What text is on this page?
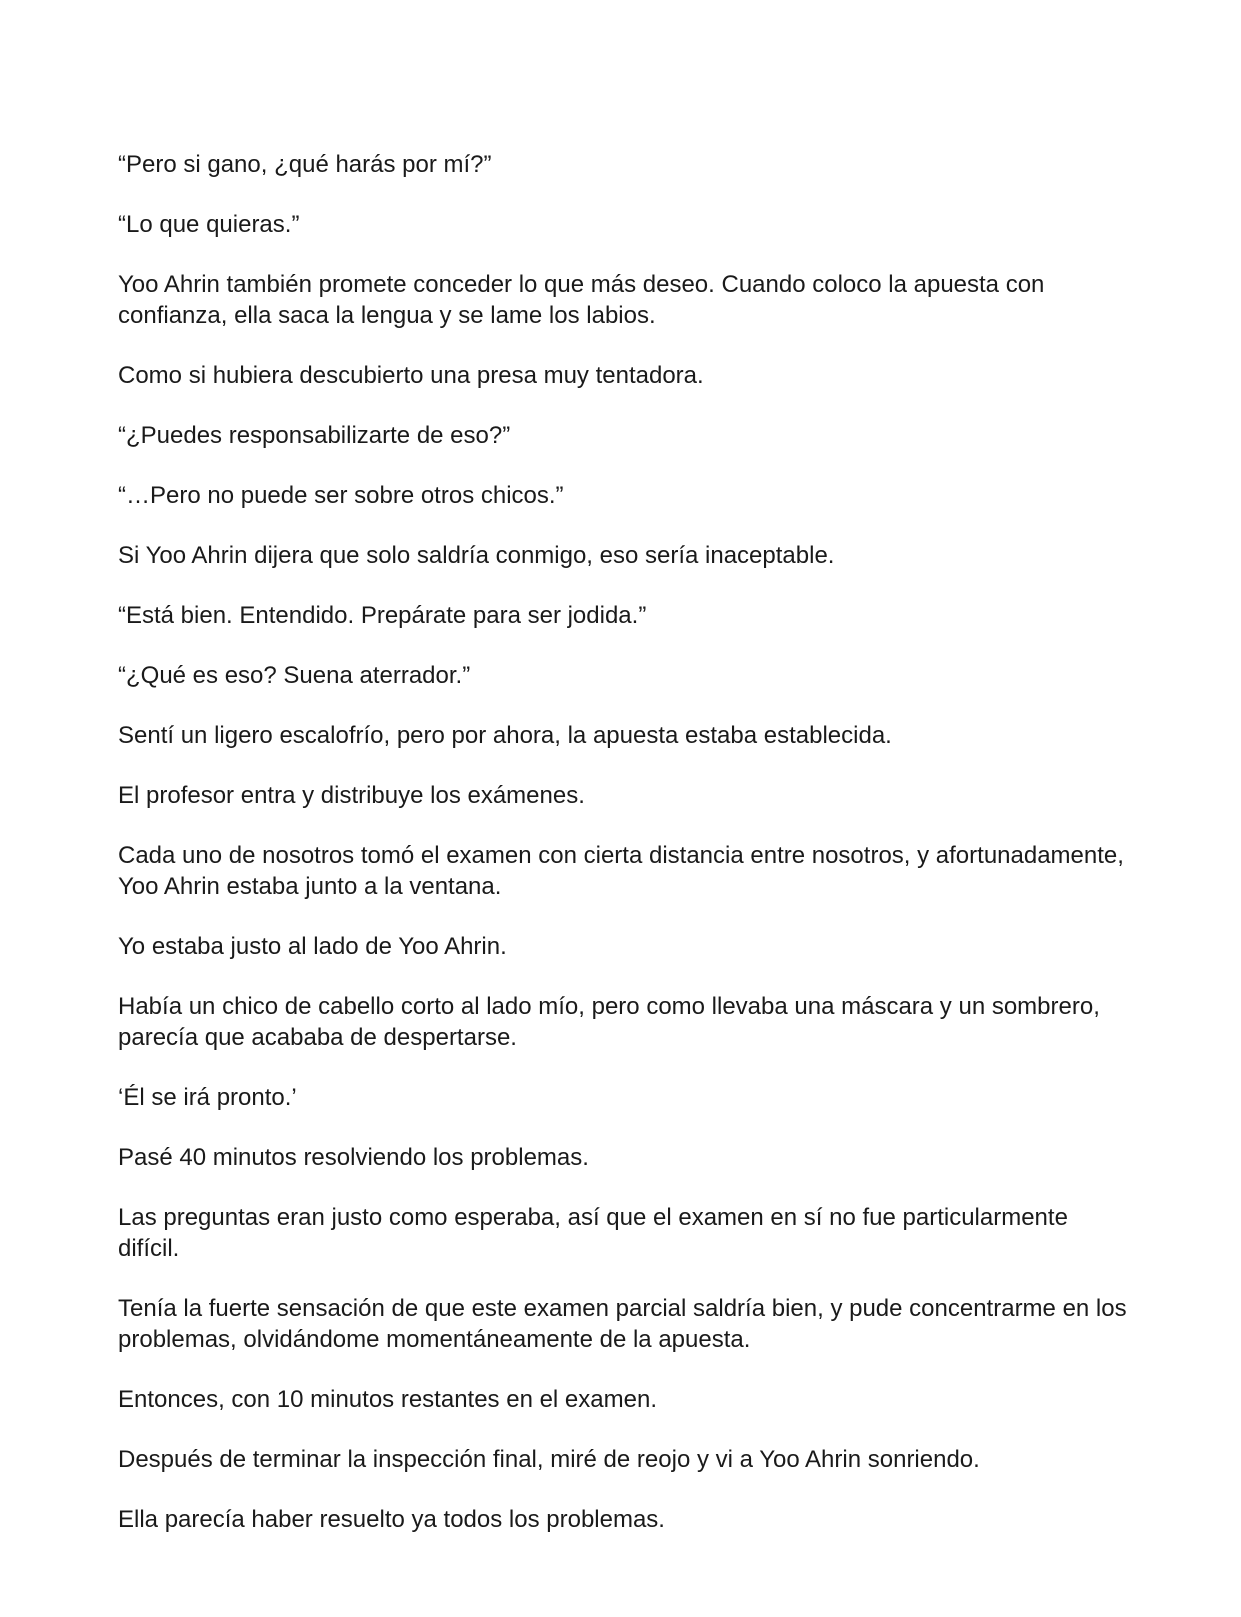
“Pero si gano, ¿qué harás por mí?”

“Lo que quieras.”

Yoo Ahrin también promete conceder lo que más deseo. Cuando coloco la apuesta con confianza, ella saca la lengua y se lame los labios.

Como si hubiera descubierto una presa muy tentadora.

“¿Puedes responsabilizarte de eso?”

“…Pero no puede ser sobre otros chicos.”

Si Yoo Ahrin dijera que solo saldría conmigo, eso sería inaceptable.

“Está bien. Entendido. Prepárate para ser jodida.”

“¿Qué es eso? Suena aterrador.”

Sentí un ligero escalofrío, pero por ahora, la apuesta estaba establecida.

El profesor entra y distribuye los exámenes.

Cada uno de nosotros tomó el examen con cierta distancia entre nosotros, y afortunadamente, Yoo Ahrin estaba junto a la ventana.

Yo estaba justo al lado de Yoo Ahrin.

Había un chico de cabello corto al lado mío, pero como llevaba una máscara y un sombrero, parecía que acababa de despertarse.

‘Él se irá pronto.’

Pasé 40 minutos resolviendo los problemas.

Las preguntas eran justo como esperaba, así que el examen en sí no fue particularmente difícil.

Tenía la fuerte sensación de que este examen parcial saldría bien, y pude concentrarme en los problemas, olvidándome momentáneamente de la apuesta.

Entonces, con 10 minutos restantes en el examen.

Después de terminar la inspección final, miré de reojo y vi a Yoo Ahrin sonriendo.

Ella parecía haber resuelto ya todos los problemas.
